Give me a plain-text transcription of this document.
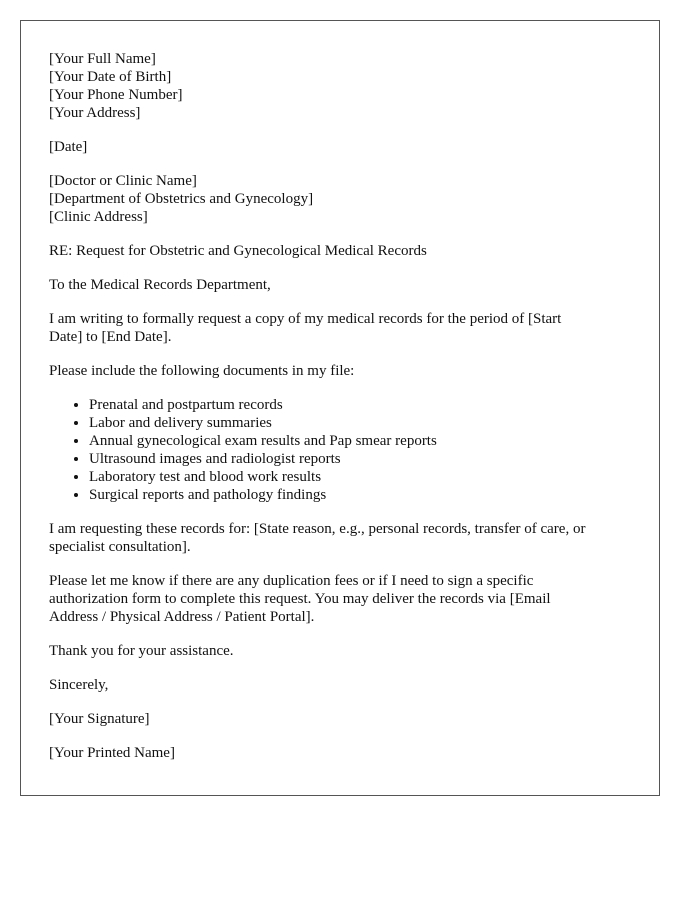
[Your Full Name]
[Your Date of Birth]
[Your Phone Number]
[Your Address]
[Date]
[Doctor or Clinic Name]
[Department of Obstetrics and Gynecology]
[Clinic Address]
RE: Request for Obstetric and Gynecological Medical Records
To the Medical Records Department,
I am writing to formally request a copy of my medical records for the period of [Start
Date] to [End Date].
Please include the following documents in my file:
• Prenatal and postpartum records
• Labor and delivery summaries
• Annual gynecological exam results and Pap smear reports
• Ultrasound images and radiologist reports
• Laboratory test and blood work results
• Surgical reports and pathology findings
I am requesting these records for: [State reason, e.g., personal records, transfer of care, or
specialist consultation].
Please let me know if there are any duplication fees or if I need to sign a specific
authorization form to complete this request. You may deliver the records via [Email
Address / Physical Address / Patient Portal].
Thank you for your assistance.
Sincerely,
[Your Signature]
[Your Printed Name]
